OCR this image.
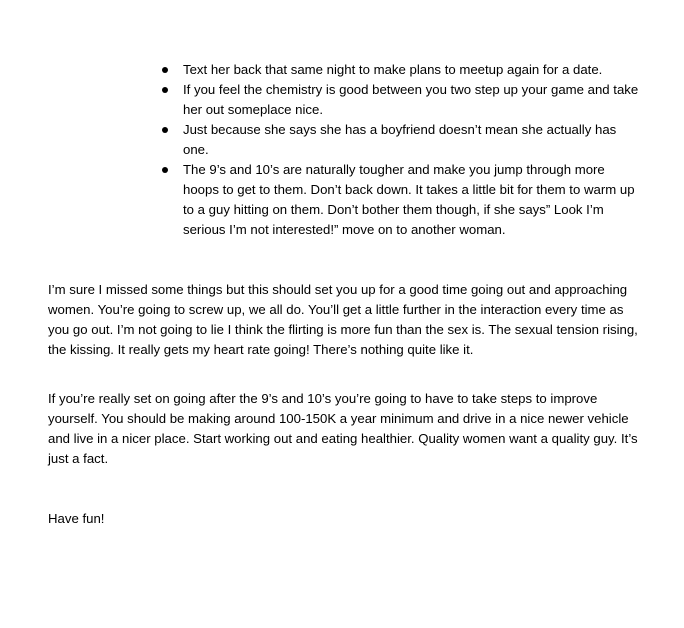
Text her back that same night to make plans to meetup again for a date.
If you feel the chemistry is good between you two step up your game and take her out someplace nice.
Just because she says she has a boyfriend doesn’t mean she actually has one.
The 9’s and 10’s are naturally tougher and make you jump through more hoops to get to them. Don’t back down. It takes a little bit for them to warm up to a guy hitting on them. Don’t bother them though, if she says” Look I’m serious I’m not interested!” move on to another woman.

I’m sure I missed some things but this should set you up for a good time going out and approaching women. You’re going to screw up, we all do. You’ll get a little further in the interaction every time as you go out. I’m not going to lie I think the flirting is more fun than the sex is. The sexual tension rising, the kissing. It really gets my heart rate going! There’s nothing quite like it.

If you’re really set on going after the 9’s and 10’s you’re going to have to take steps to improve yourself. You should be making around 100-150K a year minimum and drive in a nice newer vehicle and live in a nicer place. Start working out and eating healthier. Quality women want a quality guy. It’s just a fact.

Have fun!
